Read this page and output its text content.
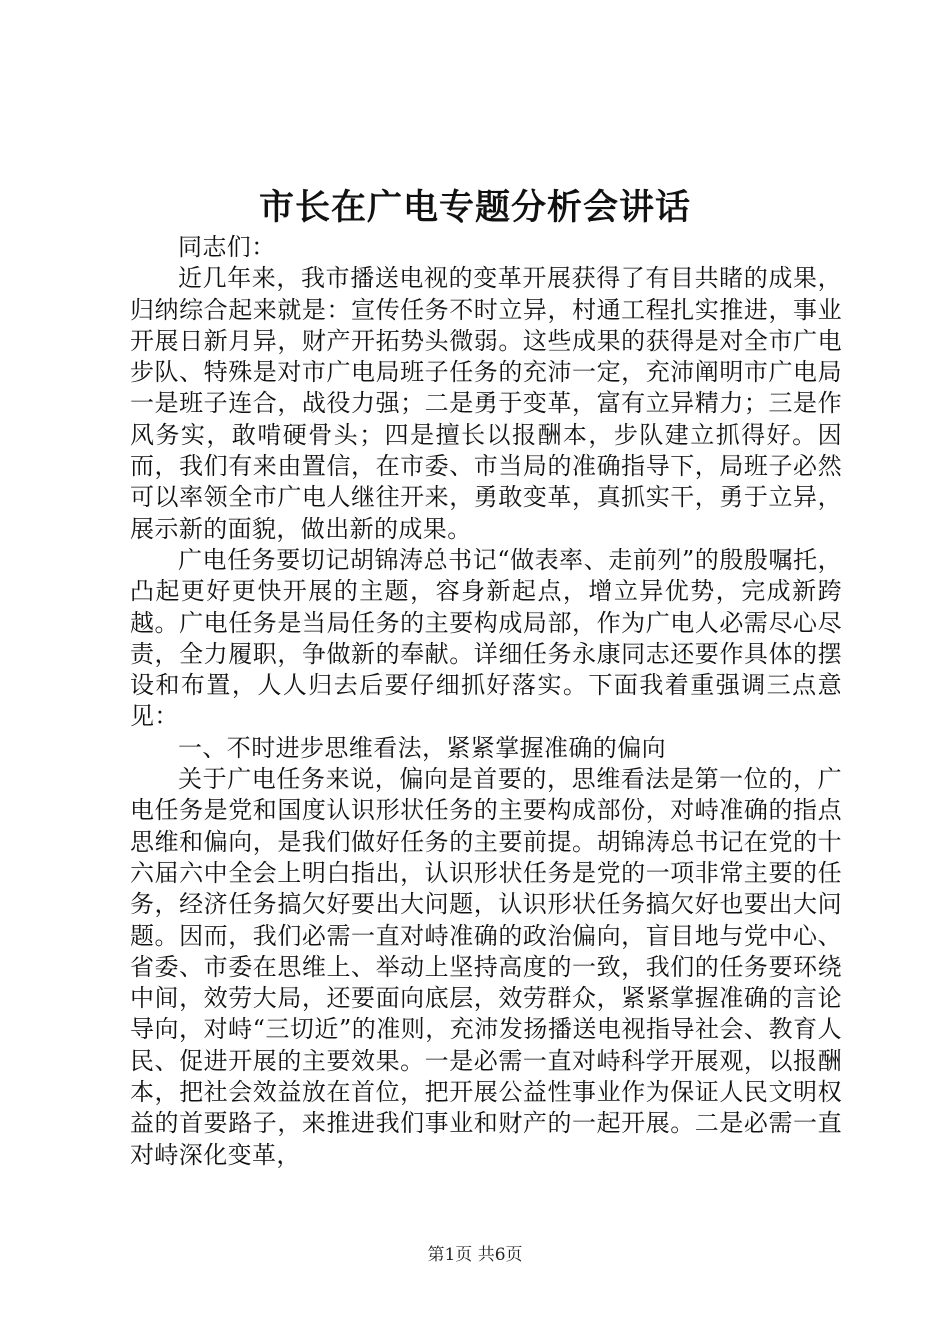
市长在广电专题分析会讲话

同志们：

近几年来，我市播送电视的变革开展获得了有目共睹的成果，归纳综合起来就是：宣传任务不时立异，村通工程扎实推进，事业开展日新月异，财产开拓势头微弱。这些成果的获得是对全市广电步队、特殊是对市广电局班子任务的充沛一定，充沛阐明市广电局一是班子连合，战役力强；二是勇于变革，富有立异精力；三是作风务实，敢啃硬骨头；四是擅长以报酬本，步队建立抓得好。因而，我们有来由置信，在市委、市当局的准确指导下，局班子必然可以率领全市广电人继往开来，勇敢变革，真抓实干，勇于立异，展示新的面貌，做出新的成果。

广电任务要切记胡锦涛总书记“做表率、走前列”的殷殷嘱托，凸起更好更快开展的主题，容身新起点，增立异优势，完成新跨越。广电任务是当局任务的主要构成局部，作为广电人必需尽心尽责，全力履职，争做新的奉献。详细任务永康同志还要作具体的摆设和布置，人人归去后要仔细抓好落实。下面我着重强调三点意见：

一、不时进步思维看法，紧紧掌握准确的偏向

关于广电任务来说，偏向是首要的，思维看法是第一位的，广电任务是党和国度认识形状任务的主要构成部份，对峙准确的指点思维和偏向，是我们做好任务的主要前提。胡锦涛总书记在党的十六届六中全会上明白指出，认识形状任务是党的一项非常主要的任务，经济任务搞欠好要出大问题，认识形状任务搞欠好也要出大问题。因而，我们必需一直对峙准确的政治偏向，盲目地与党中心、省委、市委在思维上、举动上坚持高度的一致，我们的任务要环绕中间，效劳大局，还要面向底层，效劳群众，紧紧掌握准确的言论导向，对峙“三切近”的准则，充沛发扬播送电视指导社会、教育人民、促进开展的主要效果。一是必需一直对峙科学开展观，以报酬本，把社会效益放在首位，把开展公益性事业作为保证人民文明权益的首要路子，来推进我们事业和财产的一起开展。二是必需一直对峙深化变革，

第1页 共6页
